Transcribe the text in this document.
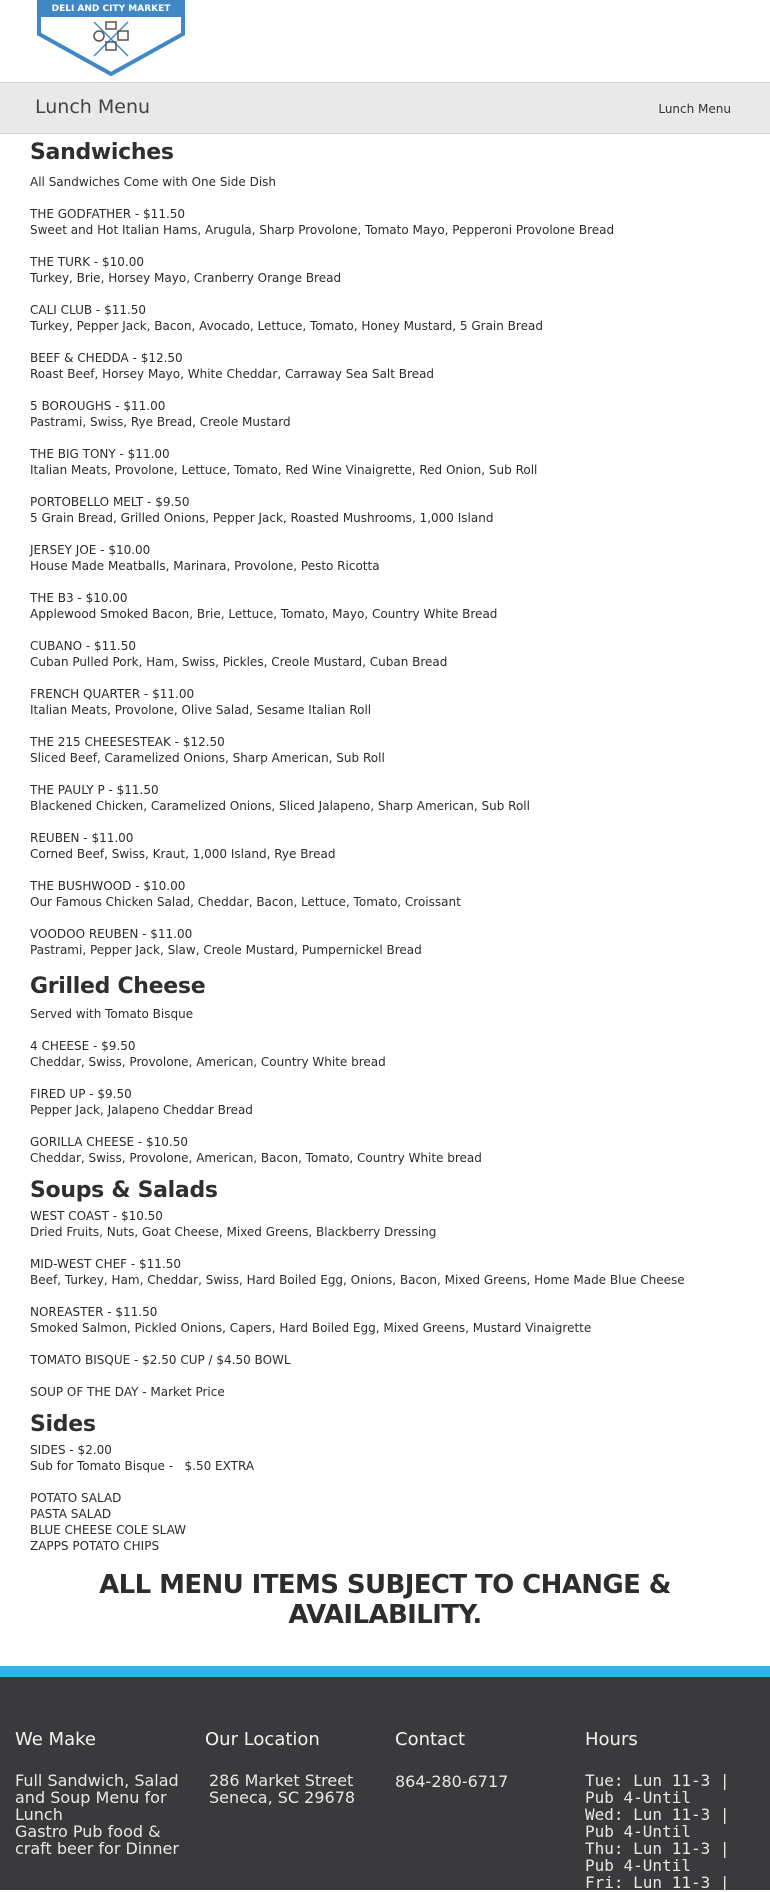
DELI AND CITY MARKET
Lunch Menu	Lunch Menu
Sandwiches

All Sandwiches Come with One Side Dish

THE GODFATHER - $11.50

Sweet and Hot Italian Hams, Arugula, Sharp Provolone, Tomato Mayo, Pepperoni Provolone Bread

THE TURK - $10.00

Turkey, Brie, Horsey Mayo, Cranberry Orange Bread

CALI CLUB - $11.50

Turkey, Pepper Jack, Bacon, Avocado, Lettuce, Tomato, Honey Mustard, 5 Grain Bread

BEEF & CHEDDA - $12.50

Roast Beef, Horsey Mayo, White Cheddar, Carraway Sea Salt Bread

5 BOROUGHS - $11.00

Pastrami, Swiss, Rye Bread, Creole Mustard

THE BIG TONY - $11.00

Italian Meats, Provolone, Lettuce, Tomato, Red Wine Vinaigrette, Red Onion, Sub Roll

PORTOBELLO MELT - $9.50

5 Grain Bread, Grilled Onions, Pepper Jack, Roasted Mushrooms, 1,000 Island

JERSEY JOE - $10.00

House Made Meatballs, Marinara, Provolone, Pesto Ricotta

THE B3 - $10.00

Applewood Smoked Bacon, Brie, Lettuce, Tomato, Mayo, Country White Bread

CUBANO - $11.50

Cuban Pulled Pork, Ham, Swiss, Pickles, Creole Mustard, Cuban Bread

FRENCH QUARTER - $11.00

Italian Meats, Provolone, Olive Salad, Sesame Italian Roll

THE 215 CHEESESTEAK - $12.50

Sliced Beef, Caramelized Onions, Sharp American, Sub Roll

THE PAULY P - $11.50

Blackened Chicken, Caramelized Onions, Sliced Jalapeno, Sharp American, Sub Roll

REUBEN - $11.00

Corned Beef, Swiss, Kraut, 1,000 Island, Rye Bread

THE BUSHWOOD - $10.00

Our Famous Chicken Salad, Cheddar, Bacon, Lettuce, Tomato, Croissant

VOODOO REUBEN - $11.00

Pastrami, Pepper Jack, Slaw, Creole Mustard, Pumpernickel Bread

Grilled Cheese

Served with Tomato Bisque

4 CHEESE - $9.50

Cheddar, Swiss, Provolone, American, Country White bread

FIRED UP - $9.50

Pepper Jack, Jalapeno Cheddar Bread

GORILLA CHEESE - $10.50

Cheddar, Swiss, Provolone, American, Bacon, Tomato, Country White bread

Soups & Salads

WEST COAST - $10.50

Dried Fruits, Nuts, Goat Cheese, Mixed Greens, Blackberry Dressing

MID-WEST CHEF - $11.50

Beef, Turkey, Ham, Cheddar, Swiss, Hard Boiled Egg, Onions, Bacon, Mixed Greens, Home Made Blue Cheese

NOREASTER - $11.50

Smoked Salmon, Pickled Onions, Capers, Hard Boiled Egg, Mixed Greens, Mustard Vinaigrette

TOMATO BISQUE - $2.50 CUP / $4.50 BOWL

SOUP OF THE DAY - Market Price

Sides

SIDES - $2.00

Sub for Tomato Bisque -   $.50 EXTRA

POTATO SALAD

PASTA SALAD

BLUE CHEESE COLE SLAW

ZAPPS POTATO CHIPS

ALL MENU ITEMS SUBJECT TO CHANGE & AVAILABILITY.
We Make

Full Sandwich, Salad and Soup Menu for Lunch

Gastro Pub food & craft beer for Dinner

Our Location

286 Market Street

Seneca, SC 29678

Contact
864-280-6717
Hours

Tue: Lun 11-3 |

Pub 4-Until

Wed: Lun 11-3 |

Pub 4-Until

Thu: Lun 11-3 |

Pub 4-Until

Fri: Lun 11-3 |
